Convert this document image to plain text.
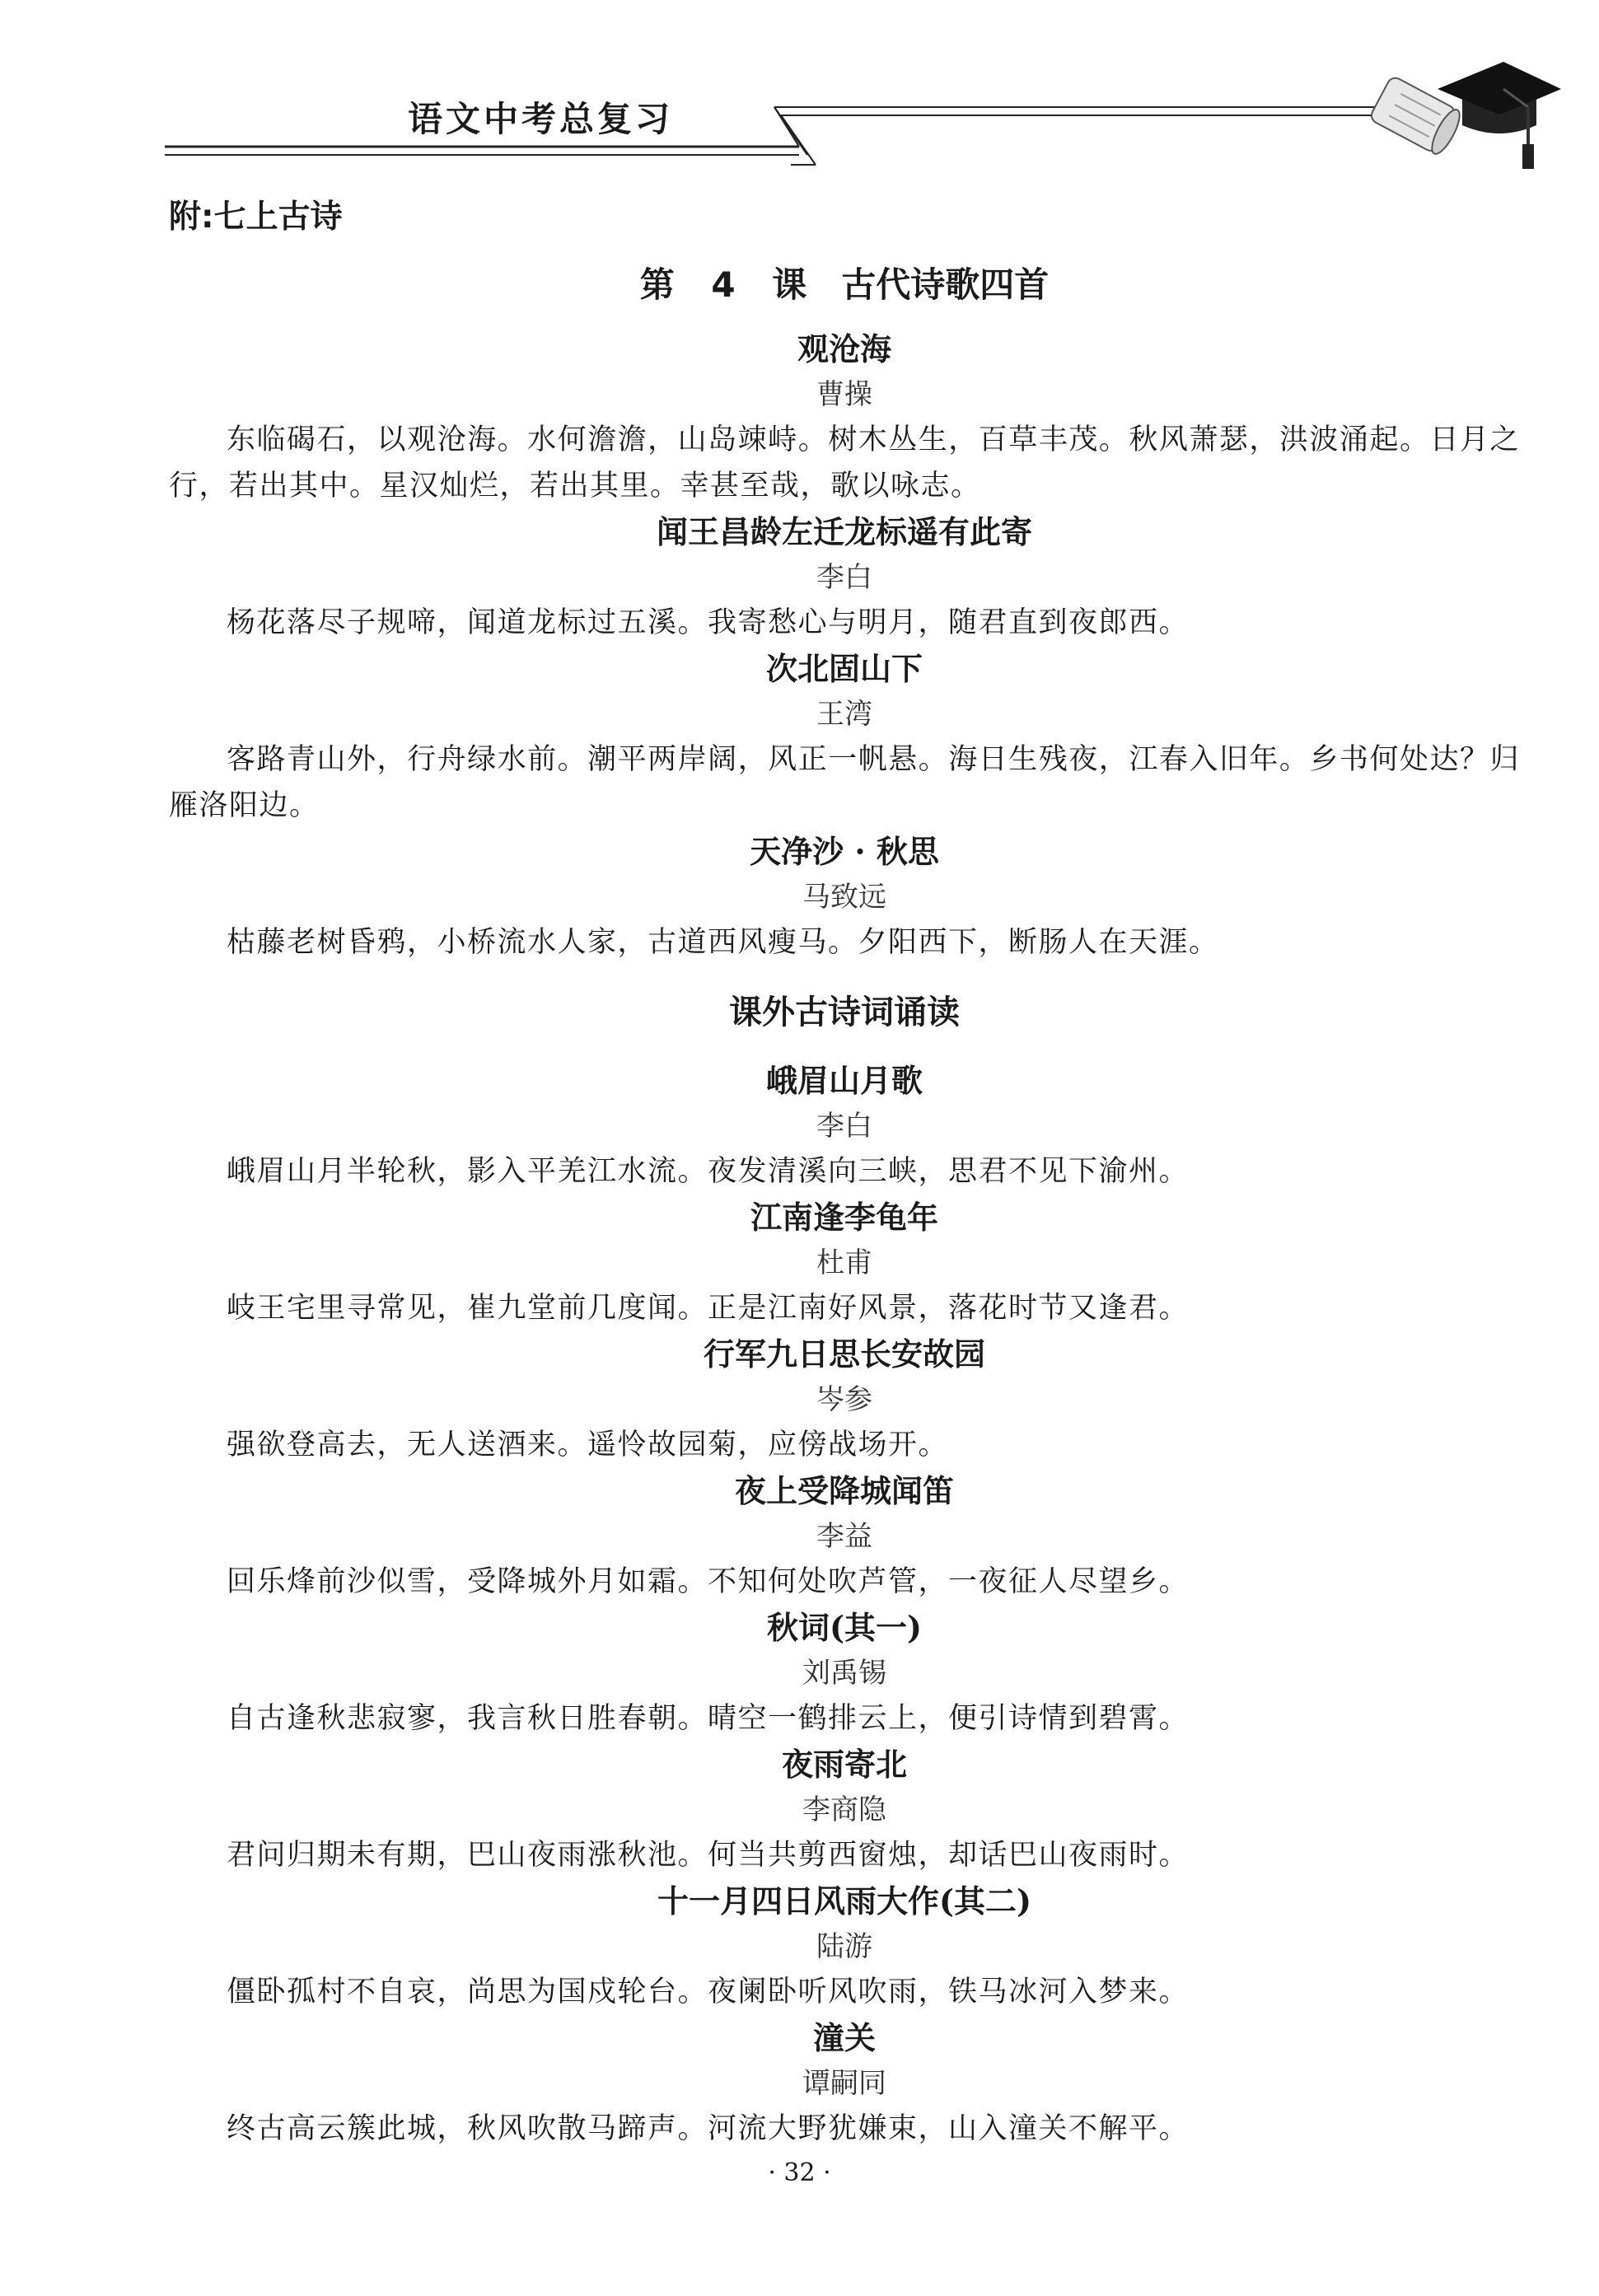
语文中考总复习
附:七上古诗
第 4 课　古代诗歌四首
观沧海
曹操
东临碣石，以观沧海。水何澹澹，山岛竦峙。树木丛生，百草丰茂。秋风萧瑟，洪波涌起。日月之行，若出其中。星汉灿烂，若出其里。幸甚至哉，歌以咏志。
闻王昌龄左迁龙标遥有此寄
李白
杨花落尽子规啼，闻道龙标过五溪。我寄愁心与明月，随君直到夜郎西。
次北固山下
王湾
客路青山外，行舟绿水前。潮平两岸阔，风正一帆悬。海日生残夜，江春入旧年。乡书何处达？归雁洛阳边。
天净沙 · 秋思
马致远
枯藤老树昏鸦，小桥流水人家，古道西风瘦马。夕阳西下，断肠人在天涯。
课外古诗词诵读
峨眉山月歌
李白
峨眉山月半轮秋，影入平羌江水流。夜发清溪向三峡，思君不见下渝州。
江南逢李龟年
杜甫
岐王宅里寻常见，崔九堂前几度闻。正是江南好风景，落花时节又逢君。
行军九日思长安故园
岑参
强欲登高去，无人送酒来。遥怜故园菊，应傍战场开。
夜上受降城闻笛
李益
回乐烽前沙似雪，受降城外月如霜。不知何处吹芦管，一夜征人尽望乡。
秋词(其一)
刘禹锡
自古逢秋悲寂寥，我言秋日胜春朝。晴空一鹤排云上，便引诗情到碧霄。
夜雨寄北
李商隐
君问归期未有期，巴山夜雨涨秋池。何当共剪西窗烛，却话巴山夜雨时。
十一月四日风雨大作(其二)
陆游
僵卧孤村不自哀，尚思为国戍轮台。夜阑卧听风吹雨，铁马冰河入梦来。
潼关
谭嗣同
终古高云簇此城，秋风吹散马蹄声。河流大野犹嫌束，山入潼关不解平。
· 32 ·
